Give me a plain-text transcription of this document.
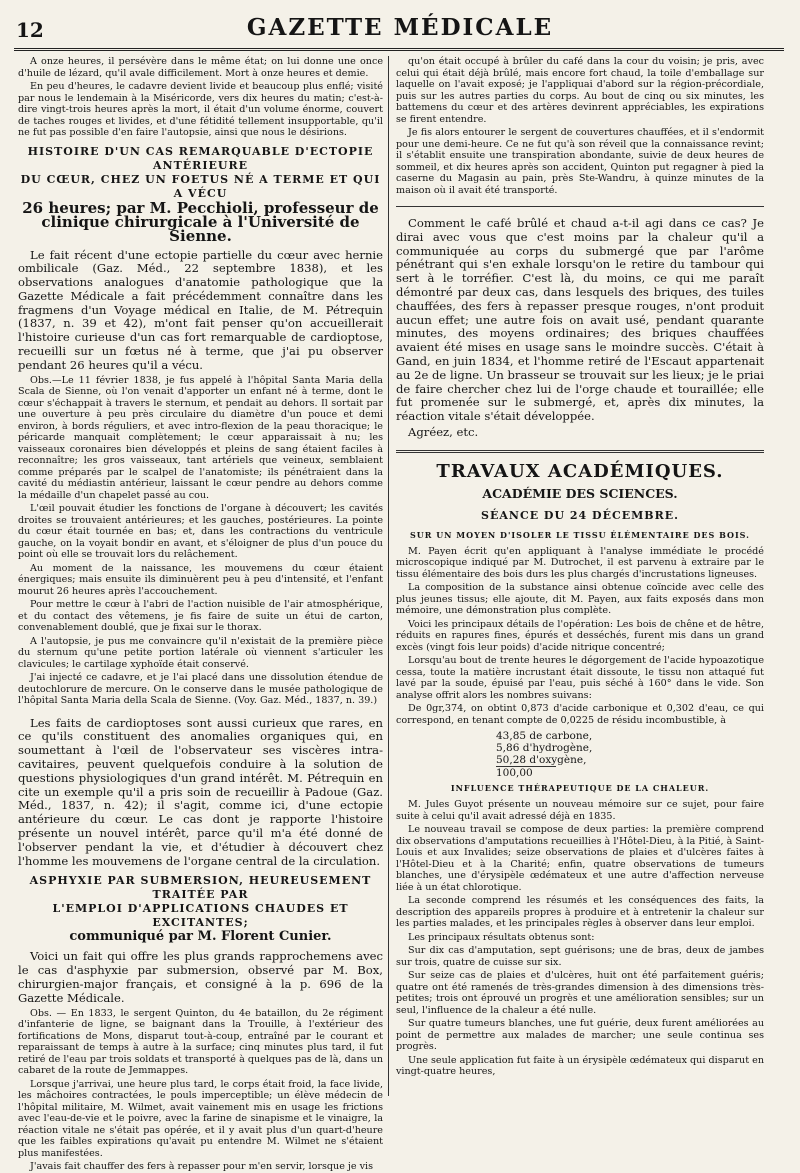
12	GAZETTE MÉDICALE

A onze heures, il persévère dans le même état; on lui donne une once d'huile de lézard, qu'il avale difficilement. Mort à onze heures et demie.

En peu d'heures, le cadavre devient livide et beaucoup plus enflé; visité par nous le lendemain à la Miséricorde, vers dix heures du matin; c'est-à-dire vingt-trois heures après la mort, il était d'un volume énorme, couvert de taches rouges et livides, et d'une fétidité tellement insupportable, qu'il ne fut pas possible d'en faire l'autopsie, ainsi que nous le désirions.

HISTOIRE D'UN CAS REMARQUABLE D'ECTOPIE ANTÉRIEURE
DU CŒUR, CHEZ UN FOETUS NÉ A TERME ET QUI A VÉCU
26 heures; par M. Pecchioli, professeur de clinique chirurgicale à l'Université de Sienne.

Le fait récent d'une ectopie partielle du cœur avec hernie ombilicale (Gaz. Méd., 22 septembre 1838), et les observations analogues d'anatomie pathologique que la Gazette Médicale a fait précédemment connaître dans les fragmens d'un Voyage médical en Italie, de M. Pétrequin (1837, n. 39 et 42), m'ont fait penser qu'on accueillerait l'histoire curieuse d'un cas fort remarquable de cardioptose, recueilli sur un fœtus né à terme, que j'ai pu observer pendant 26 heures qu'il a vécu.

Obs.—Le 11 février 1838, je fus appelé à l'hôpital Santa Maria della Scala de Sienne, où l'on venait d'apporter un enfant né à terme, dont le cœur s'échappait à travers le sternum, et pendait au dehors. Il sortait par une ouverture à peu près circulaire du diamètre d'un pouce et demi environ, à bords réguliers, et avec intro-flexion de la peau thoracique; le péricarde manquait complètement; le cœur apparaissait à nu; les vaisseaux coronaires bien développés et pleins de sang étaient faciles à reconnaître; les gros vaisseaux, tant artériels que veineux, semblaient comme préparés par le scalpel de l'anatomiste; ils pénétraient dans la cavité du médiastin antérieur, laissant le cœur pendre au dehors comme la médaille d'un chapelet passé au cou.

L'œil pouvait étudier les fonctions de l'organe à découvert; les cavités droites se trouvaient antérieures; et les gauches, postérieures. La pointe du cœur était tournée en bas; et, dans les contractions du ventricule gauche, on la voyait bondir en avant, et s'éloigner de plus d'un pouce du point où elle se trouvait lors du relâchement.

Au moment de la naissance, les mouvemens du cœur étaient énergiques; mais ensuite ils diminuèrent peu à peu d'intensité, et l'enfant mourut 26 heures après l'accouchement.

Pour mettre le cœur à l'abri de l'action nuisible de l'air atmosphérique, et du contact des vêtemens, je fis faire de suite un étui de carton, convenablement doublé, que je fixai sur le thorax.

A l'autopsie, je pus me convaincre qu'il n'existait de la première pièce du sternum qu'une petite portion latérale où viennent s'articuler les clavicules; le cartilage xyphoïde était conservé.

J'ai injecté ce cadavre, et je l'ai placé dans une dissolution étendue de deutochlorure de mercure. On le conserve dans le musée pathologique de l'hôpital Santa Maria della Scala de Sienne. (Voy. Gaz. Méd., 1837, n. 39.)

Les faits de cardioptoses sont aussi curieux que rares, en ce qu'ils constituent des anomalies organiques qui, en soumettant à l'œil de l'observateur ses viscères intra-cavitaires, peuvent quelquefois conduire à la solution de questions physiologiques d'un grand intérêt. M. Pétrequin en cite un exemple qu'il a pris soin de recueillir à Padoue (Gaz. Méd., 1837, n. 42); il s'agit, comme ici, d'une ectopie antérieure du cœur. Le cas dont je rapporte l'histoire présente un nouvel intérêt, parce qu'il m'a été donné de l'observer pendant la vie, et d'étudier à découvert chez l'homme les mouvemens de l'organe central de la circulation.

ASPHYXIE PAR SUBMERSION, HEUREUSEMENT TRAITÉE PAR
L'EMPLOI D'APPLICATIONS CHAUDES ET EXCITANTES;
communiqué par M. Florent Cunier.

Voici un fait qui offre les plus grands rapprochemens avec le cas d'asphyxie par submersion, observé par M. Box, chirurgien-major français, et consigné à la p. 696 de la Gazette Médicale.

Obs. — En 1833, le sergent Quinton, du 4e bataillon, du 2e régiment d'infanterie de ligne, se baignant dans la Trouille, à l'extérieur des fortifications de Mons, disparut tout-à-coup, entraîné par le courant et reparaissant de temps à autre à la surface; cinq minutes plus tard, il fut retiré de l'eau par trois soldats et transporté à quelques pas de là, dans un cabaret de la route de Jemmappes.

Lorsque j'arrivai, une heure plus tard, le corps était froid, la face livide, les mâchoires contractées, le pouls imperceptible; un élève médecin de l'hôpital militaire, M. Wilmet, avait vainement mis en usage les frictions avec l'eau-de-vie et le poivre, avec la farine de sinapisme et le vinaigre, la réaction vitale ne s'était pas opérée, et il y avait plus d'un quart-d'heure que les faibles expirations qu'avait pu entendre M. Wilmet ne s'étaient plus manifestées.

J'avais fait chauffer des fers à repasser pour m'en servir, lorsque je vis

qu'on était occupé à brûler du café dans la cour du voisin; je pris, avec celui qui était déjà brûlé, mais encore fort chaud, la toile d'emballage sur laquelle on l'avait exposé; je l'appliquai d'abord sur la région-précordiale, puis sur les autres parties du corps. Au bout de cinq ou six minutes, les battemens du cœur et des artères devinrent appréciables, les expirations se firent entendre.

Je fis alors entourer le sergent de couvertures chauffées, et il s'endormit pour une demi-heure. Ce ne fut qu'à son réveil que la connaissance revint; il s'établit ensuite une transpiration abondante, suivie de deux heures de sommeil, et dix heures après son accident, Quinton put regagner à pied la caserne du Magasin au pain, près Ste-Wandru, à quinze minutes de la maison où il avait été transporté.

Comment le café brûlé et chaud a-t-il agi dans ce cas? Je dirai avec vous que c'est moins par la chaleur qu'il a communiquée au corps du submergé que par l'arôme pénétrant qui s'en exhale lorsqu'on le retire du tambour qui sert à le torréfier. C'est là, du moins, ce qui me paraît démontré par deux cas, dans lesquels des briques, des tuiles chauffées, des fers à repasser presque rouges, n'ont produit aucun effet; une autre fois on avait usé, pendant quarante minutes, des moyens ordinaires; des briques chauffées avaient été mises en usage sans le moindre succès. C'était à Gand, en juin 1834, et l'homme retiré de l'Escaut appartenait au 2e de ligne. Un brasseur se trouvait sur les lieux; je le priai de faire chercher chez lui de l'orge chaude et touraillée; elle fut promenée sur le submergé, et, après dix minutes, la réaction vitale s'était développée.

Agréez, etc.

TRAVAUX ACADÉMIQUES.
ACADÉMIE DES SCIENCES.
SÉANCE DU 24 DÉCEMBRE.
SUR UN MOYEN D'ISOLER LE TISSU ÉLÉMENTAIRE DES BOIS.

M. Payen écrit qu'en appliquant à l'analyse immédiate le procédé microscopique indiqué par M. Dutrochet, il est parvenu à extraire par le tissu élémentaire des bois durs les plus chargés d'incrustations ligneuses.

La composition de la substance ainsi obtenue coïncide avec celle des plus jeunes tissus; elle ajoute, dit M. Payen, aux faits exposés dans mon mémoire, une démonstration plus complète.

Voici les principaux détails de l'opération: Les bois de chêne et de hêtre, réduits en rapures fines, épurés et desséchés, furent mis dans un grand excès (vingt fois leur poids) d'acide nitrique concentré;

Lorsqu'au bout de trente heures le dégorgement de l'acide hypoazotique cessa, toute la matière incrustant était dissoute, le tissu non attaqué fut lavé par la soude, épuisé par l'eau, puis séché à 160° dans le vide. Son analyse offrit alors les nombres suivans:

De 0gr,374, on obtint 0,873 d'acide carbonique et 0,302 d'eau, ce qui correspond, en tenant compte de 0,0225 de résidu incombustible, à

43,85 de carbone,
5,86 d'hydrogène,
50,28 d'oxygène,
100,00
INFLUENCE THÉRAPEUTIQUE DE LA CHALEUR.

M. Jules Guyot présente un nouveau mémoire sur ce sujet, pour faire suite à celui qu'il avait adressé déjà en 1835.

Le nouveau travail se compose de deux parties: la première comprend dix observations d'amputations recueillies à l'Hôtel-Dieu, à la Pitié, à Saint-Louis et aux Invalides; seize observations de plaies et d'ulcères faites à l'Hôtel-Dieu et à la Charité; enfin, quatre observations de tumeurs blanches, une d'érysipèle œdémateux et une autre d'affection nerveuse liée à un état chlorotique.

La seconde comprend les résumés et les conséquences des faits, la description des appareils propres à produire et à entretenir la chaleur sur les parties malades, et les principales règles à observer dans leur emploi.

Les principaux résultats obtenus sont:

Sur dix cas d'amputation, sept guérisons; une de bras, deux de jambes sur trois, quatre de cuisse sur six.

Sur seize cas de plaies et d'ulcères, huit ont été parfaitement guéris; quatre ont été ramenés de très-grandes dimension à des dimensions très-petites; trois ont éprouvé un progrès et une amélioration sensibles; sur un seul, l'influence de la chaleur a été nulle.

Sur quatre tumeurs blanches, une fut guérie, deux furent améliorées au point de permettre aux malades de marcher; une seule continua ses progrès.

Une seule application fut faite à un érysipèle œdémateux qui disparut en vingt-quatre heures,
